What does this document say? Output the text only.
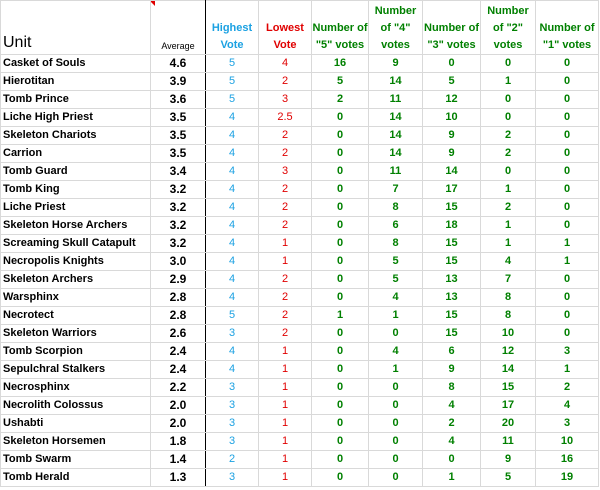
Unit	Average	Highest Vote	Lowest Vote	Number of "5" votes	Number of "4" votes	Number of "3" votes	Number of "2" votes	Number of "1" votes

Casket of Souls	4.6	5	4	16	9	0	0	0
Hierotitan	3.9	5	2	5	14	5	1	0
Tomb Prince	3.6	5	3	2	11	12	0	0
Liche High Priest	3.5	4	2.5	0	14	10	0	0
Skeleton Chariots	3.5	4	2	0	14	9	2	0
Carrion	3.5	4	2	0	14	9	2	0
Tomb Guard	3.4	4	3	0	11	14	0	0
Tomb King	3.2	4	2	0	7	17	1	0
Liche Priest	3.2	4	2	0	8	15	2	0
Skeleton Horse Archers	3.2	4	2	0	6	18	1	0
Screaming Skull Catapult	3.2	4	1	0	8	15	1	1
Necropolis Knights	3.0	4	1	0	5	15	4	1
Skeleton Archers	2.9	4	2	0	5	13	7	0
Warsphinx	2.8	4	2	0	4	13	8	0
Necrotect	2.8	5	2	1	1	15	8	0
Skeleton Warriors	2.6	3	2	0	0	15	10	0
Tomb Scorpion	2.4	4	1	0	4	6	12	3
Sepulchral Stalkers	2.4	4	1	0	1	9	14	1
Necrosphinx	2.2	3	1	0	0	8	15	2
Necrolith Colossus	2.0	3	1	0	0	4	17	4
Ushabti	2.0	3	1	0	0	2	20	3
Skeleton Horsemen	1.8	3	1	0	0	4	11	10
Tomb Swarm	1.4	2	1	0	0	0	9	16
Tomb Herald	1.3	3	1	0	0	1	5	19
